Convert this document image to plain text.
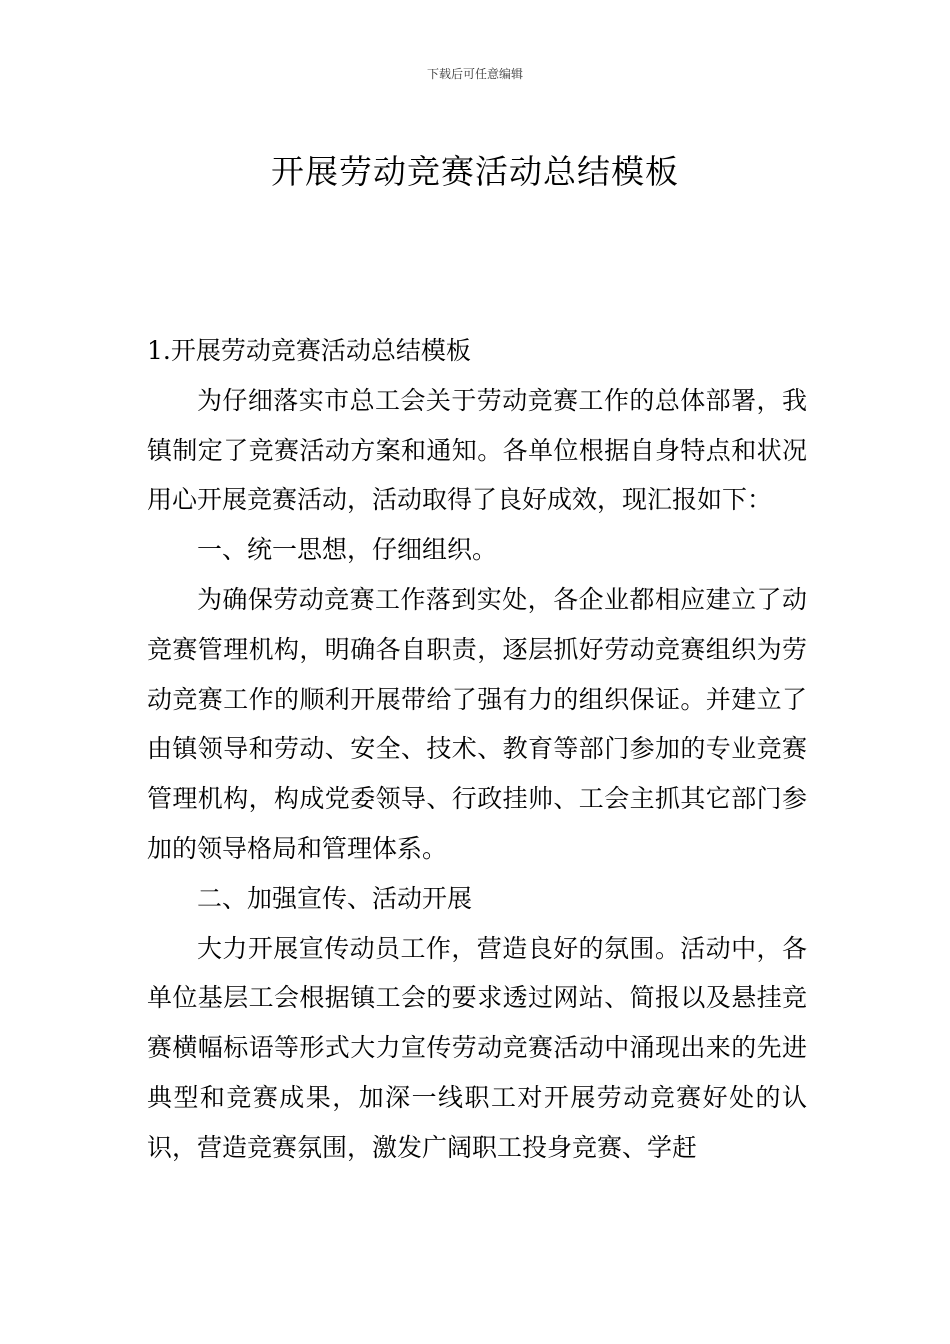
下载后可任意编辑
开展劳动竞赛活动总结模板

1.开展劳动竞赛活动总结模板

为仔细落实市总工会关于劳动竞赛工作的总体部署，我镇制定了竞赛活动方案和通知。各单位根据自身特点和状况用心开展竞赛活动，活动取得了良好成效，现汇报如下：

一、统一思想，仔细组织。

为确保劳动竞赛工作落到实处，各企业都相应建立了动竞赛管理机构，明确各自职责，逐层抓好劳动竞赛组织为劳动竞赛工作的顺利开展带给了强有力的组织保证。并建立了由镇领导和劳动、安全、技术、教育等部门参加的专业竞赛管理机构，构成党委领导、行政挂帅、工会主抓其它部门参加的领导格局和管理体系。

二、加强宣传、活动开展

大力开展宣传动员工作，营造良好的氛围。活动中，各单位基层工会根据镇工会的要求透过网站、简报以及悬挂竞赛横幅标语等形式大力宣传劳动竞赛活动中涌现出来的先进典型和竞赛成果，加深一线职工对开展劳动竞赛好处的认识，营造竞赛氛围，激发广阔职工投身竞赛、学赶
